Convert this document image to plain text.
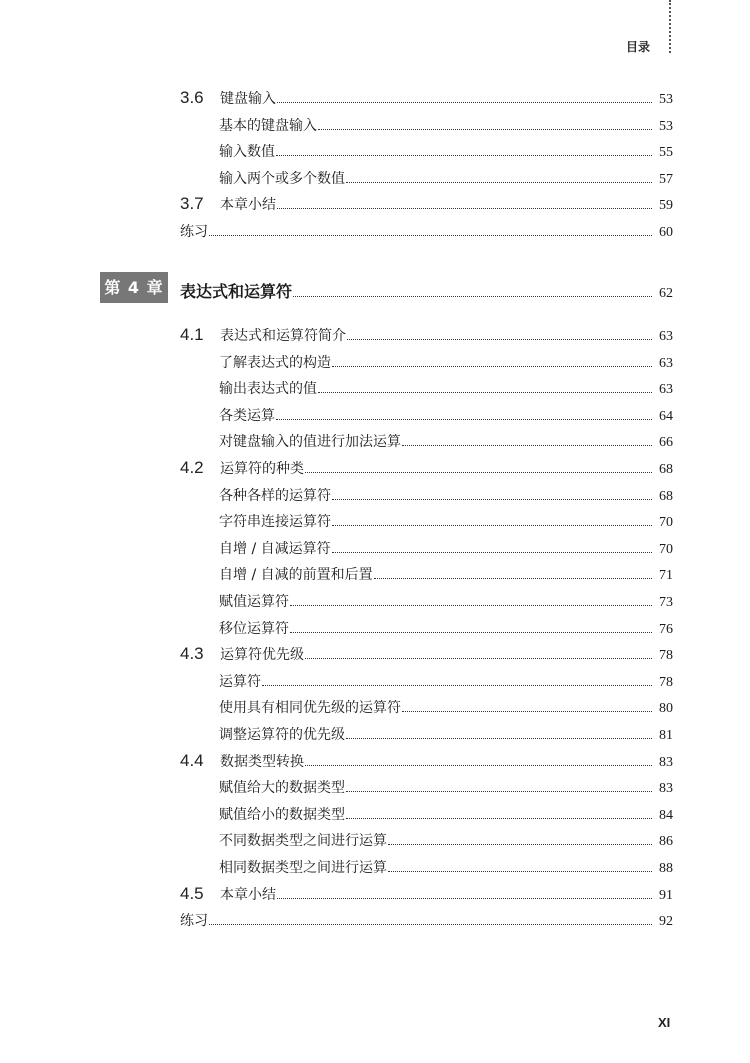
目录
3.6	键盘输入	53
基本的键盘输入	53
输入数值	55
输入两个或多个数值	57
3.7	本章小结	59
练习	60
第 4 章 表达式和运算符	62
4.1	表达式和运算符简介	63
了解表达式的构造	63
输出表达式的值	63
各类运算	64
对键盘输入的值进行加法运算	66
4.2	运算符的种类	68
各种各样的运算符	68
字符串连接运算符	70
自增 / 自减运算符	70
自增 / 自减的前置和后置	71
赋值运算符	73
移位运算符	76
4.3	运算符优先级	78
运算符	78
使用具有相同优先级的运算符	80
调整运算符的优先级	81
4.4	数据类型转换	83
赋值给大的数据类型	83
赋值给小的数据类型	84
不同数据类型之间进行运算	86
相同数据类型之间进行运算	88
4.5	本章小结	91
练习	92
XI
